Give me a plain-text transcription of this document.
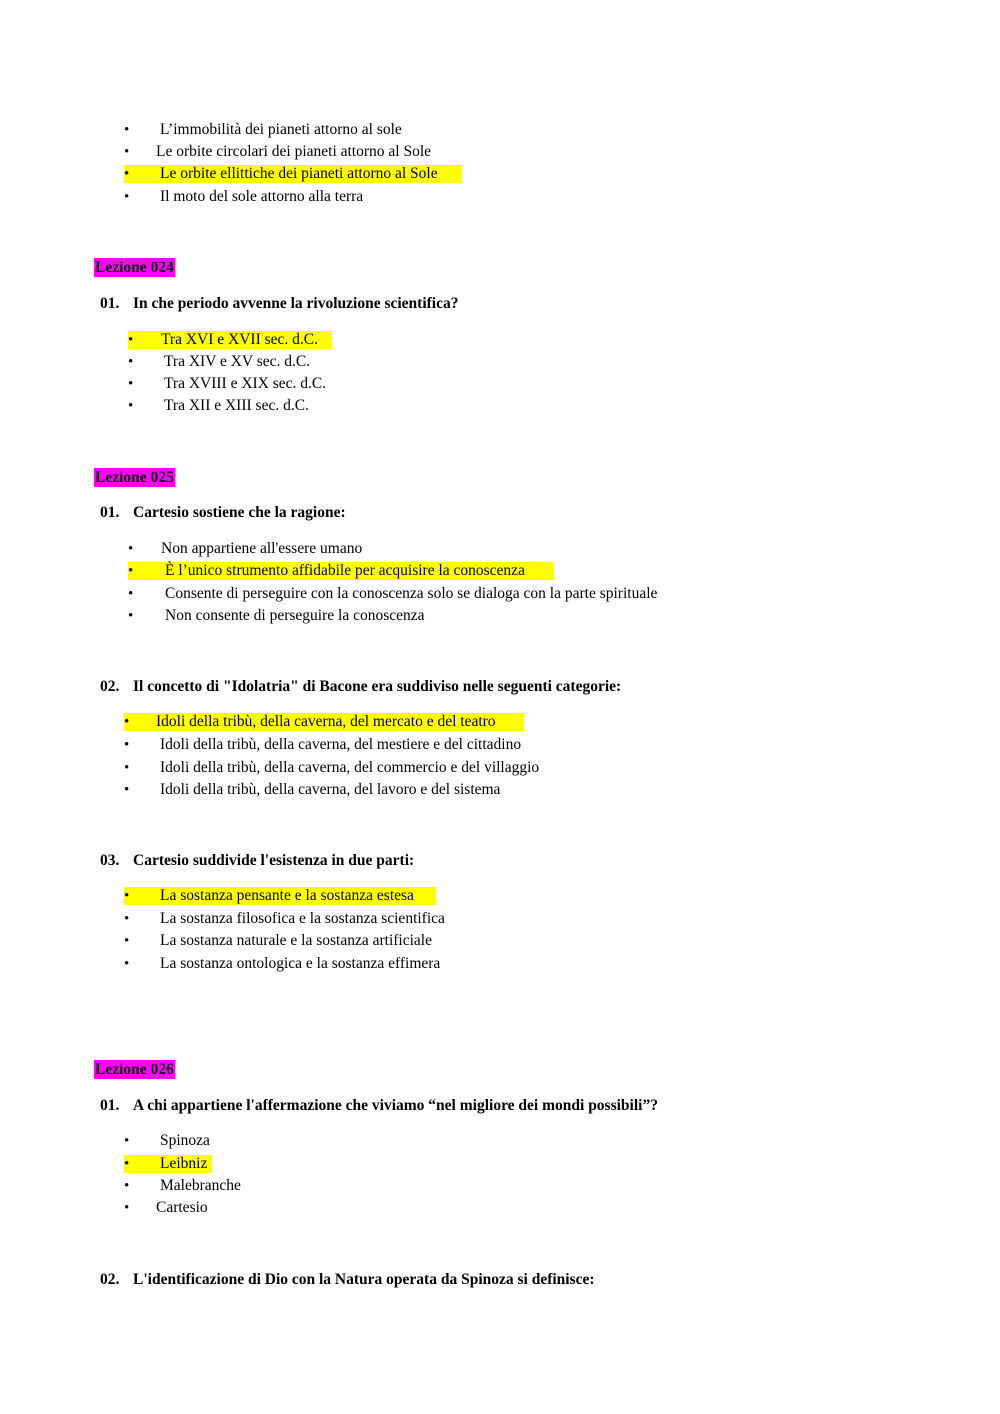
• L’immobilità dei pianeti attorno al sole
• Le orbite circolari dei pianeti attorno al Sole
• Le orbite ellittiche dei pianeti attorno al Sole
• Il moto del sole attorno alla terra
Lezione 024
01. In che periodo avvenne la rivoluzione scientifica?
• Tra XVI e XVII sec. d.C.
• Tra XIV e XV sec. d.C.
• Tra XVIII e XIX sec. d.C.
• Tra XII e XIII sec. d.C.
Lezione 025
01. Cartesio sostiene che la ragione:
• Non appartiene all'essere umano
• È l’unico strumento affidabile per acquisire la conoscenza
• Consente di perseguire con la conoscenza solo se dialoga con la parte spirituale
• Non consente di perseguire la conoscenza
02. Il concetto di "Idolatria" di Bacone era suddiviso nelle seguenti categorie:
• Idoli della tribù, della caverna, del mercato e del teatro
• Idoli della tribù, della caverna, del mestiere e del cittadino
• Idoli della tribù, della caverna, del commercio e del villaggio
• Idoli della tribù, della caverna, del lavoro e del sistema
03. Cartesio suddivide l'esistenza in due parti:
• La sostanza pensante e la sostanza estesa
• La sostanza filosofica e la sostanza scientifica
• La sostanza naturale e la sostanza artificiale
• La sostanza ontologica e la sostanza effimera
Lezione 026
01. A chi appartiene l'affermazione che viviamo “nel migliore dei mondi possibili”?
• Spinoza
• Leibniz
• Malebranche
• Cartesio
02. L'identificazione di Dio con la Natura operata da Spinoza si definisce:
